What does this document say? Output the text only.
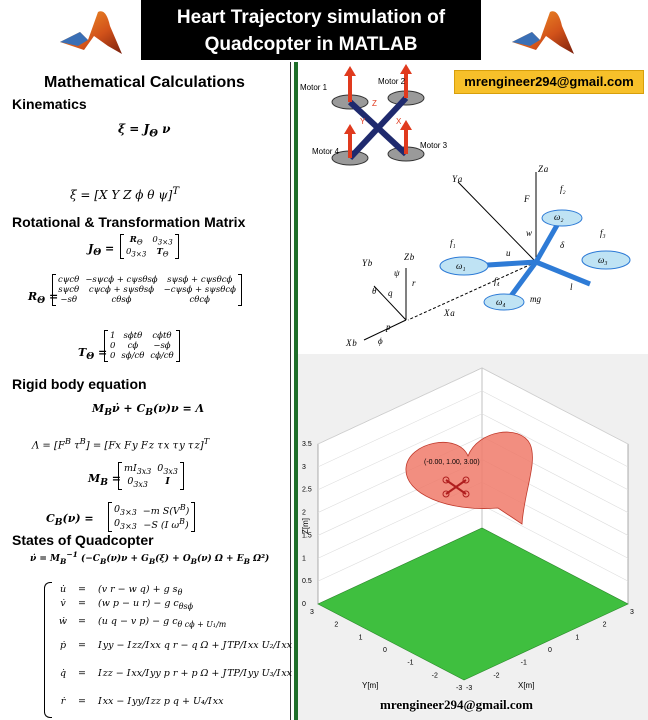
Heart Trajectory simulation of
Quadcopter in MATLAB
Mathematical Calculations
Kinematics
$\xi = J_\Theta$ ν
ξ = [X Y Z ϕ θ ψ]$^T$
Rotational & Transformation Matrix
$J_\Theta$ =
$R_\Theta$	$0_{3\times 3}$
$0_{3\times 3}$	$T_\Theta$
$R_\Theta$ =
cψcθ	−sψcϕ + cψsθsϕ	sψsϕ + cψsθcϕ
sψcθ	cψcϕ + sψsθsϕ	−cψsϕ + sψsθcϕ
−sθ	cθsϕ	cθcϕ
$T_\Theta$ =
1	sϕtθ	cϕtθ
0	cϕ	−sϕ
0	sϕ/cθ	cϕ/cθ
Rigid body equation
$M_B\nu̇ + C_B(\nu)\nu = \Lambda$
$\Lambda = [F^B$ $\tau^B] = [Fx$ F y F z τ x τ y τ z]$^T$
$M_B$ =
$mI_{3x3}$	$0_{3x3}$
$0_{3x3}$	I
$C_B(\nu)$ =
$0_{3\times 3}$	−m $S(V^B)$
$0_{3\times 3}$	−S (I $\omega^B$)
States of Quadcopter
ν̇ = $M_B^{-1}$ ($-C_B(\nu)\nu + G_B(\xi) + O_B(\nu) \Omega + E_B$ Ω²)
u̇	= (v r − w q) + g $s_\theta$
v̇	= (w p − u r) − g $c_{\theta s\phi}$
ẇ	= (u q − v p) − g $c_{\theta c\phi + U_1/m}$
ṗ	= I yy − I zz/I xx q r − q Ω + J TP/I xx U₂/I xx
q̇	= I zz − I xx/I yy p r + p Ω + J TP/I yy U₃/I xx
ṙ	= I xx − I yy/I zz p q + U₄/I xx
mrengineer294@gmail.com
Motor 1
Motor 2
Motor 3
Motor 4
Z
Y	X
Z a
Y a
X a
Z b
Y b
X b
F
w
u
mg
l
ψ
θ
ϕ
p
q
r
ω₁
ω₂
ω₃
ω₄
f₁
f₂
f₃
f₄
δ
(-0.00, 1.00, 3.00)
0
0.5
1
1.5
2
2.5
3
3.5
3
2
1
0
-1
-2
-3 -3
-2
-1
0
1
2
3
Z[m]
Y[m]	X[m]
mrengineer294@gmail.com
